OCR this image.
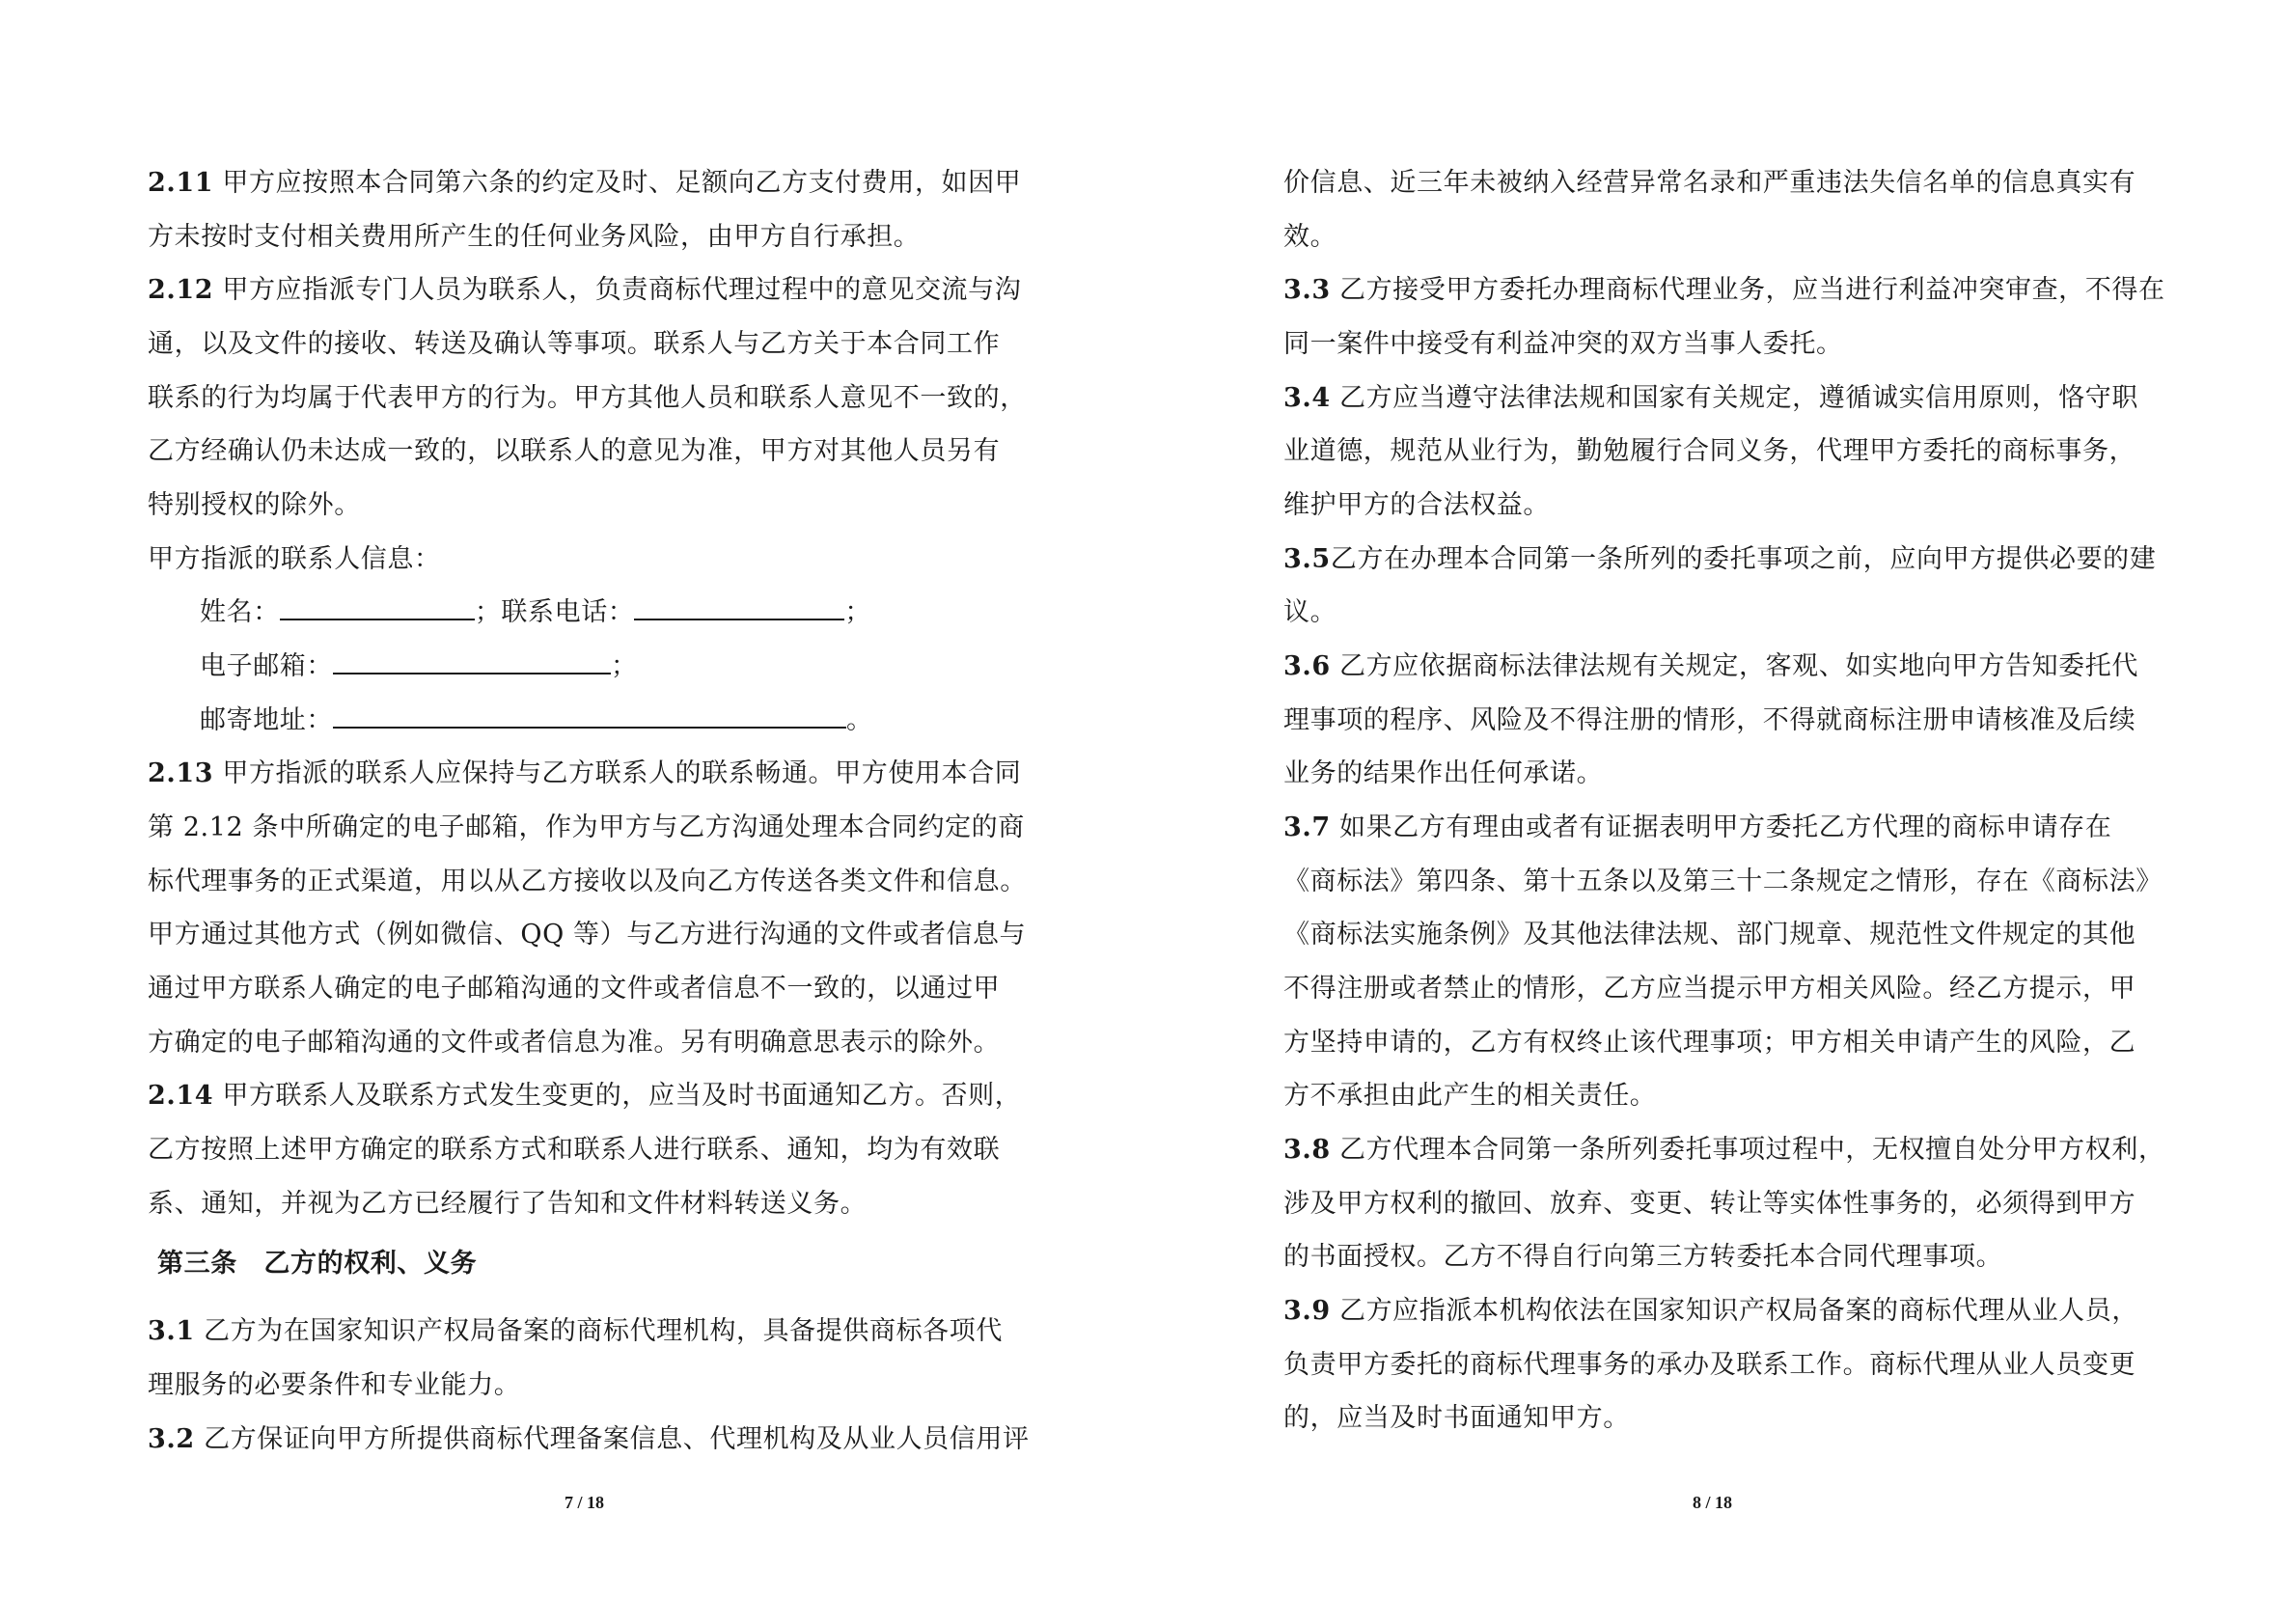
2.11 甲方应按照本合同第六条的约定及时、足额向乙方支付费用，如因甲
方未按时支付相关费用所产生的任何业务风险，由甲方自行承担。
2.12 甲方应指派专门人员为联系人，负责商标代理过程中的意见交流与沟
通，以及文件的接收、转送及确认等事项。联系人与乙方关于本合同工作
联系的行为均属于代表甲方的行为。甲方其他人员和联系人意见不一致的，
乙方经确认仍未达成一致的，以联系人的意见为准，甲方对其他人员另有
特别授权的除外。
甲方指派的联系人信息：
姓名：	；联系电话：	；
电子邮箱：	；
邮寄地址：	。
2.13 甲方指派的联系人应保持与乙方联系人的联系畅通。甲方使用本合同
第 2.12 条中所确定的电子邮箱，作为甲方与乙方沟通处理本合同约定的商
标代理事务的正式渠道，用以从乙方接收以及向乙方传送各类文件和信息。
甲方通过其他方式（例如微信、QQ 等）与乙方进行沟通的文件或者信息与
通过甲方联系人确定的电子邮箱沟通的文件或者信息不一致的，以通过甲
方确定的电子邮箱沟通的文件或者信息为准。另有明确意思表示的除外。
2.14 甲方联系人及联系方式发生变更的，应当及时书面通知乙方。否则，
乙方按照上述甲方确定的联系方式和联系人进行联系、通知，均为有效联
系、通知，并视为乙方已经履行了告知和文件材料转送义务。
第三条　乙方的权利、义务
3.1 乙方为在国家知识产权局备案的商标代理机构，具备提供商标各项代
理服务的必要条件和专业能力。
3.2 乙方保证向甲方所提供商标代理备案信息、代理机构及从业人员信用评
7 / 18
价信息、近三年未被纳入经营异常名录和严重违法失信名单的信息真实有
效。
3.3 乙方接受甲方委托办理商标代理业务，应当进行利益冲突审查，不得在
同一案件中接受有利益冲突的双方当事人委托。
3.4 乙方应当遵守法律法规和国家有关规定，遵循诚实信用原则，恪守职
业道德，规范从业行为，勤勉履行合同义务，代理甲方委托的商标事务，
维护甲方的合法权益。
3.5乙方在办理本合同第一条所列的委托事项之前，应向甲方提供必要的建
议。
3.6 乙方应依据商标法律法规有关规定，客观、如实地向甲方告知委托代
理事项的程序、风险及不得注册的情形，不得就商标注册申请核准及后续
业务的结果作出任何承诺。
3.7 如果乙方有理由或者有证据表明甲方委托乙方代理的商标申请存在
《商标法》第四条、第十五条以及第三十二条规定之情形，存在《商标法》
《商标法实施条例》及其他法律法规、部门规章、规范性文件规定的其他
不得注册或者禁止的情形，乙方应当提示甲方相关风险。经乙方提示，甲
方坚持申请的，乙方有权终止该代理事项；甲方相关申请产生的风险，乙
方不承担由此产生的相关责任。
3.8 乙方代理本合同第一条所列委托事项过程中，无权擅自处分甲方权利，
涉及甲方权利的撤回、放弃、变更、转让等实体性事务的，必须得到甲方
的书面授权。乙方不得自行向第三方转委托本合同代理事项。
3.9 乙方应指派本机构依法在国家知识产权局备案的商标代理从业人员，
负责甲方委托的商标代理事务的承办及联系工作。商标代理从业人员变更
的，应当及时书面通知甲方。
8 / 18
